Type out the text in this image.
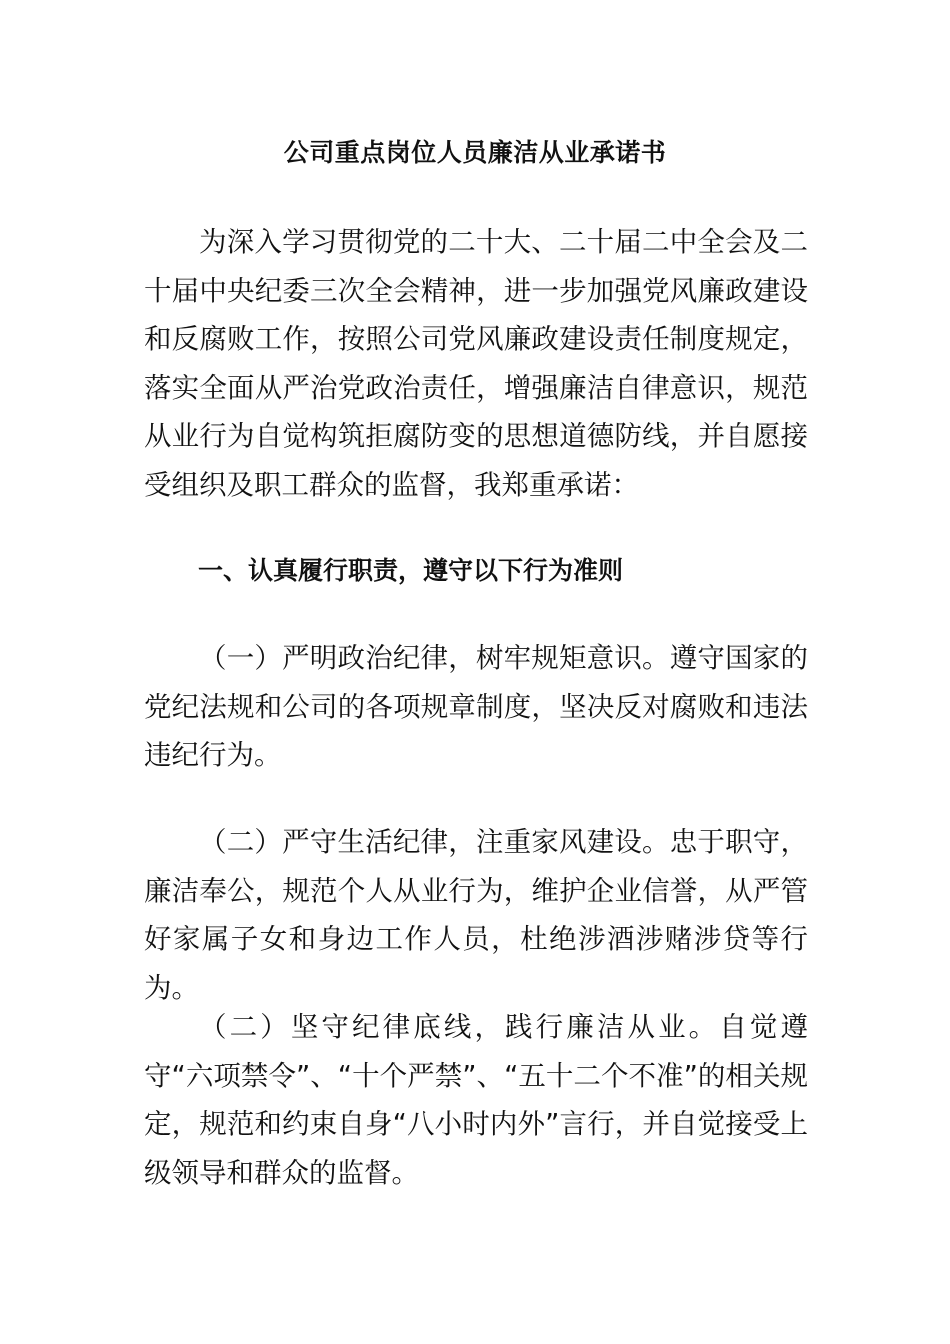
公司重点岗位人员廉洁从业承诺书

为深入学习贯彻党的二十大、二十届二中全会及二十届中央纪委三次全会精神，进一步加强党风廉政建设和反腐败工作，按照公司党风廉政建设责任制度规定，落实全面从严治党政治责任，增强廉洁自律意识，规范从业行为自觉构筑拒腐防变的思想道德防线，并自愿接受组织及职工群众的监督，我郑重承诺：

一、认真履行职责，遵守以下行为准则

（一）严明政治纪律，树牢规矩意识。遵守国家的党纪法规和公司的各项规章制度，坚决反对腐败和违法违纪行为。

（二）严守生活纪律，注重家风建设。忠于职守，廉洁奉公，规范个人从业行为，维护企业信誉，从严管好家属子女和身边工作人员，杜绝涉酒涉赌涉贷等行为。

（二）坚守纪律底线，践行廉洁从业。自觉遵守“六项禁令”、“十个严禁”、“五十二个不准”的相关规定，规范和约束自身“八小时内外”言行，并自觉接受上级领导和群众的监督。
